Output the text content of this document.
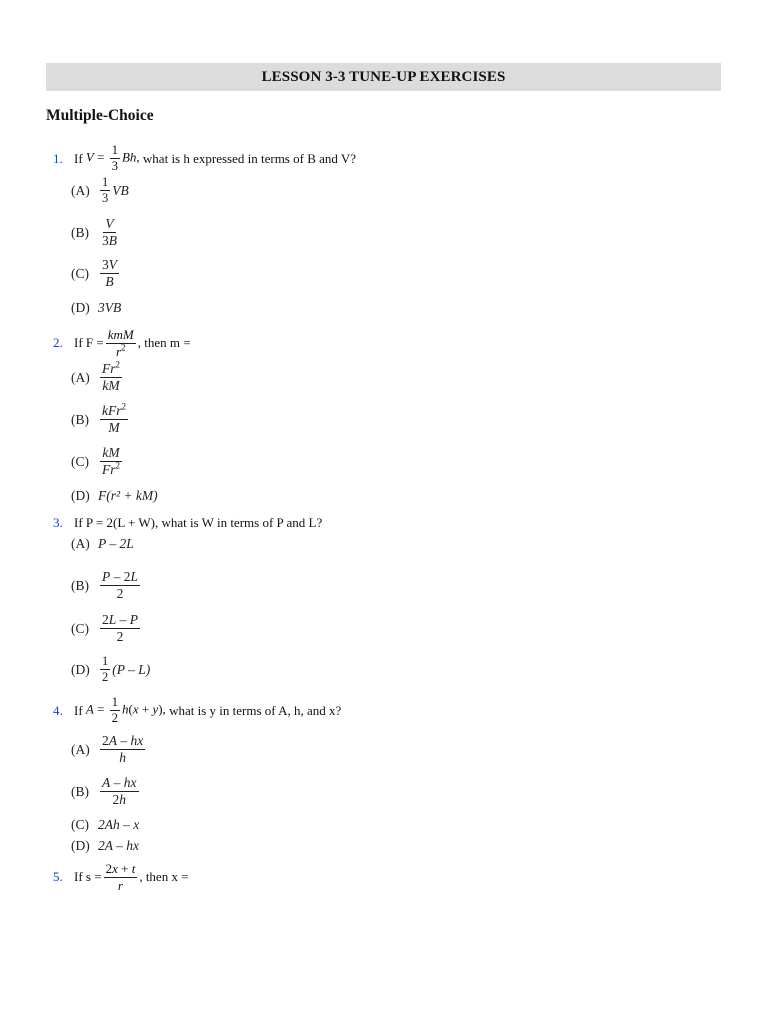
LESSON 3-3 TUNE-UP EXERCISES
Multiple-Choice
1. If $V = \frac{1}{3} Bh$, what is h expressed in terms of B and V?
$(A) \frac{1}{3}$ VB
$(B) \frac{V}{3B}$
$(C) \frac{3V}{B}$
(D) 3VB
2. If $F = \frac{\text{kmM}}{r^2}$ , then m =
$(A) \frac{Fr^2}{kM}$
$(B) \frac{kFr^2}{M}$
$(C) \frac{kM}{Fr^2}$
(D) F(r² + kM)
3. If P = 2(L + W), what is W in terms of P and L?
(A) P – 2L
$(B) \frac{P - 2L}{2}$
$(C) \frac{2L - P}{2}$
$(D) \frac{1}{2} (P - L)$
4. If $A = \frac{1}{2} h(x + y)$, what is y in terms of A, h, and x?
$(A) \frac{2A - hx}{h}$
$(B) \frac{A - hx}{2h}$
(C) 2Ah – x
(D) 2A – hx
5. If $s = \frac{2x + t}{r}$ , then x =
